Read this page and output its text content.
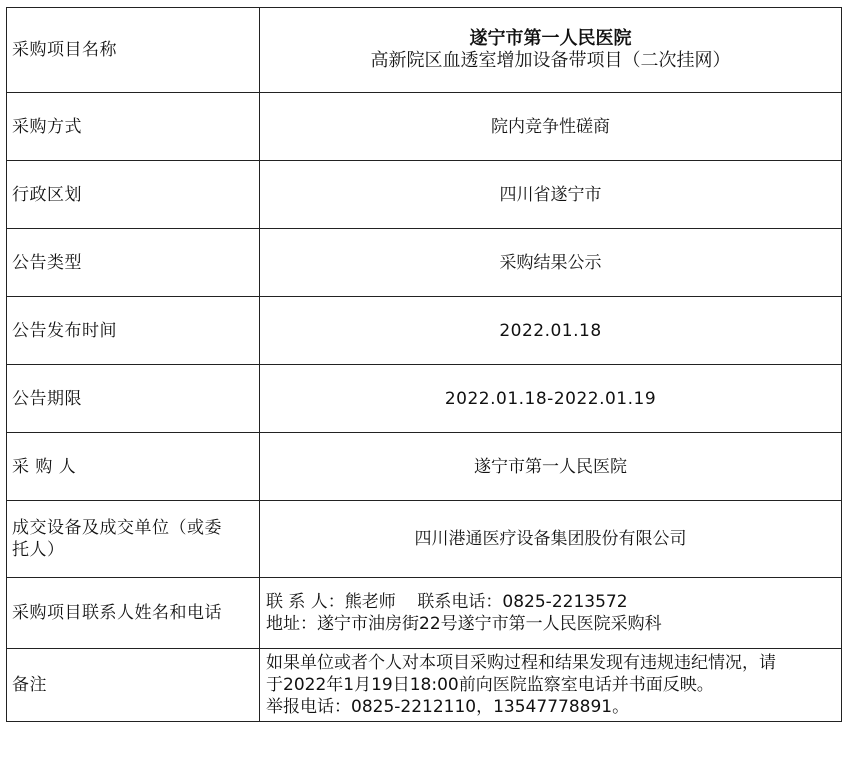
采购项目名称	遂宁市第一人民医院
高新院区血透室增加设备带项目（二次挂网）

采购方式	院内竞争性磋商
行政区划	四川省遂宁市
公告类型	采购结果公示
公告发布时间	2022.01.18
公告期限	2022.01.18-2022.01.19
采 购 人	遂宁市第一人民医院

成交设备及成交单位（或委
托人）	四川港通医疗设备集团股份有限公司
采购项目联系人姓名和电话	联 系 人：熊老师    联系电话：0825-2213572
地址：遂宁市油房街22号遂宁市第一人民医院采购科

备注	如果单位或者个人对本项目采购过程和结果发现有违规违纪情况，请
于2022年1月19日18:00前向医院监察室电话并书面反映。
举报电话：0825-2212110，13547778891。
